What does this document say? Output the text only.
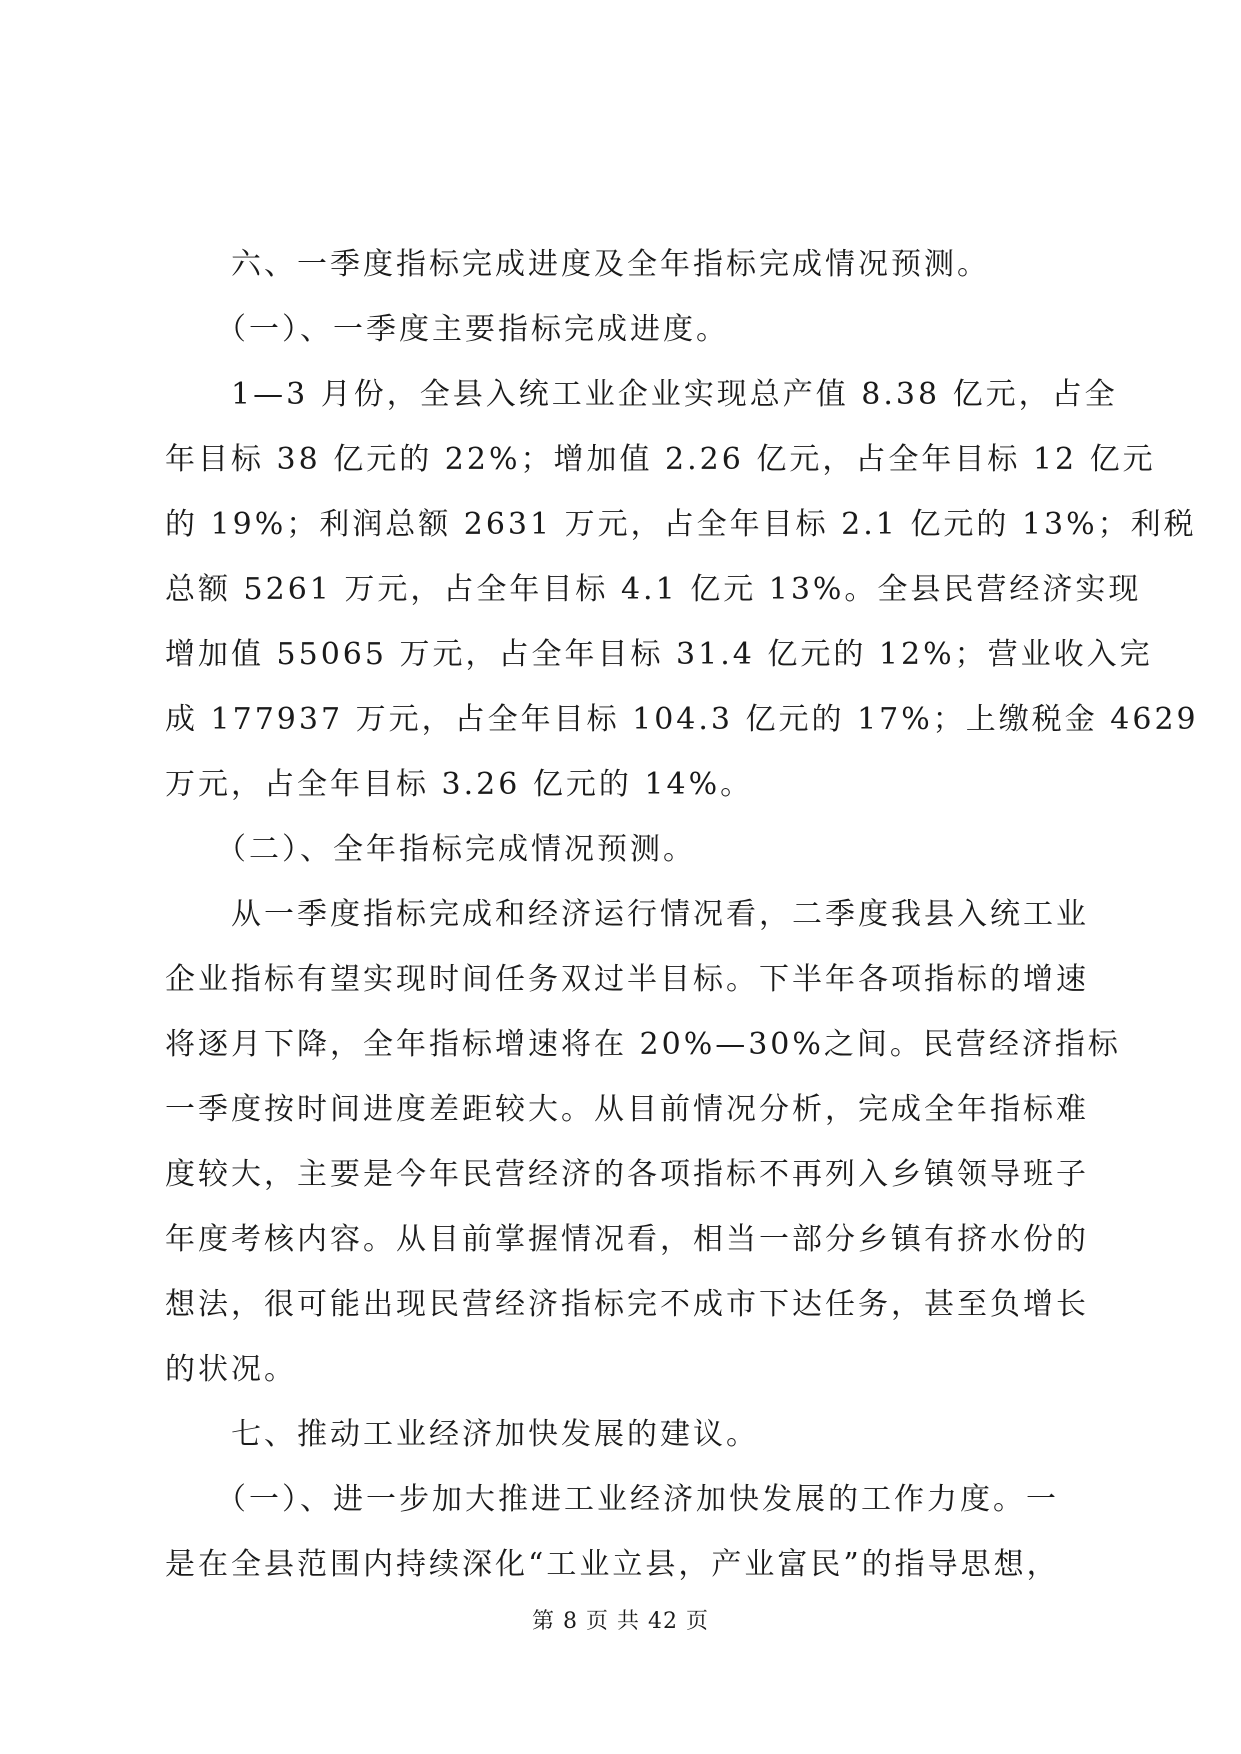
　　六、一季度指标完成进度及全年指标完成情况预测。
　　（一）、一季度主要指标完成进度。
　　1—3 月份，全县入统工业企业实现总产值 8.38 亿元，占全
年目标 38 亿元的 22%；增加值 2.26 亿元，占全年目标 12 亿元
的 19%；利润总额 2631 万元，占全年目标 2.1 亿元的 13%；利税
总额 5261 万元，占全年目标 4.1 亿元 13%。全县民营经济实现
增加值 55065 万元，占全年目标 31.4 亿元的 12%；营业收入完
成 177937 万元，占全年目标 104.3 亿元的 17%；上缴税金 4629
万元，占全年目标 3.26 亿元的 14%。
　　（二）、全年指标完成情况预测。
　　从一季度指标完成和经济运行情况看，二季度我县入统工业
企业指标有望实现时间任务双过半目标。下半年各项指标的增速
将逐月下降，全年指标增速将在 20%—30%之间。民营经济指标
一季度按时间进度差距较大。从目前情况分析，完成全年指标难
度较大，主要是今年民营经济的各项指标不再列入乡镇领导班子
年度考核内容。从目前掌握情况看，相当一部分乡镇有挤水份的
想法，很可能出现民营经济指标完不成市下达任务，甚至负增长
的状况。
　　七、推动工业经济加快发展的建议。
　　（一）、进一步加大推进工业经济加快发展的工作力度。一
是在全县范围内持续深化“工业立县，产业富民”的指导思想，
第 8 页 共 42 页
